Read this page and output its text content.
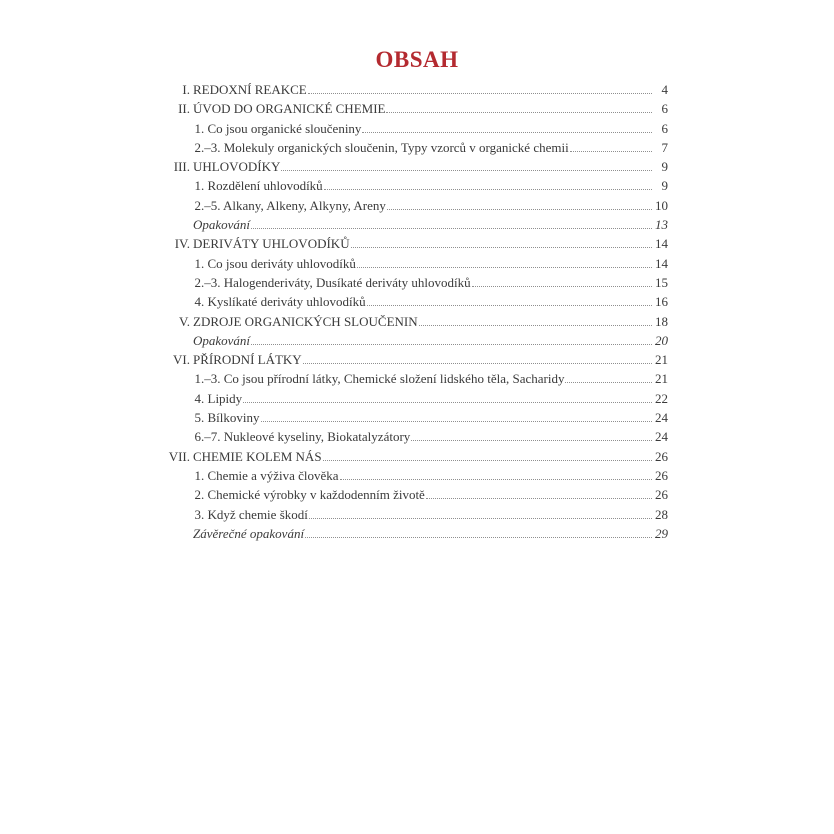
OBSAH
I. REDOXNÍ REAKCE	4
II. ÚVOD DO ORGANICKÉ CHEMIE	6
1. Co jsou organické sloučeniny	6
2.–3. Molekuly organických sloučenin, Typy vzorců v organické chemii	7
III. UHLOVODÍKY	9
1. Rozdělení uhlovodíků	9
2.–5. Alkany, Alkeny, Alkyny, Areny	10
Opakování	13
IV. DERIVÁTY UHLOVODÍKŮ	14
1. Co jsou deriváty uhlovodíků	14
2.–3. Halogenderiváty, Dusíkaté deriváty uhlovodíků	15
4. Kyslíkaté deriváty uhlovodíků	16
V. ZDROJE ORGANICKÝCH SLOUČENIN	18
Opakování	20
VI. PŘÍRODNÍ LÁTKY	21
1.–3. Co jsou přírodní látky, Chemické složení lidského těla, Sacharidy	21
4. Lipidy	22
5. Bílkoviny	24
6.–7. Nukleové kyseliny, Biokatalyzátory	24
VII. CHEMIE KOLEM NÁS	26
1. Chemie a výživa člověka	26
2. Chemické výrobky v každodenním životě	26
3. Když chemie škodí	28
Závěrečné opakování	29
